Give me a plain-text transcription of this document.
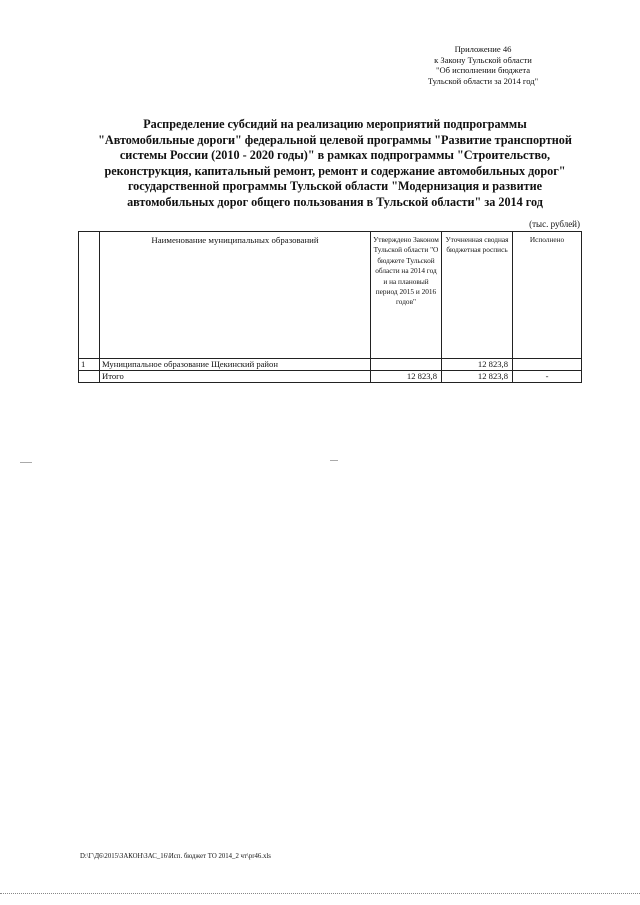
Приложение 46
к Закону Тульской области
"Об исполнении бюджета
Тульской области за 2014 год"
Распределение субсидий на реализацию мероприятий подпрограммы
"Автомобильные дороги" федеральной целевой программы "Развитие транспортной
системы России (2010 - 2020 годы)" в рамках подпрограммы "Строительство,
реконструкция, капитальный ремонт, ремонт и содержание автомобильных дорог"
государственной программы Тульской области "Модернизация и развитие
автомобильных дорог общего пользования в Тульской области" за 2014 год
(тыс. рублей)
	Наименование муниципальных образований	Утверждено Законом Тульской области "О бюджете Тульской области на 2014 год и на плановый период 2015 и 2016 годов"	Уточненная сводная бюджетная роспись	Исполнено
1	Муниципальное образование Щекинский район		12 823,8	
	Итого	12 823,8	12 823,8	-
D:\Г\Д6\2015\ЗАКОН\ЗАС_16\Исп. бюджет ТО 2014_2 чт\pr46.xls
